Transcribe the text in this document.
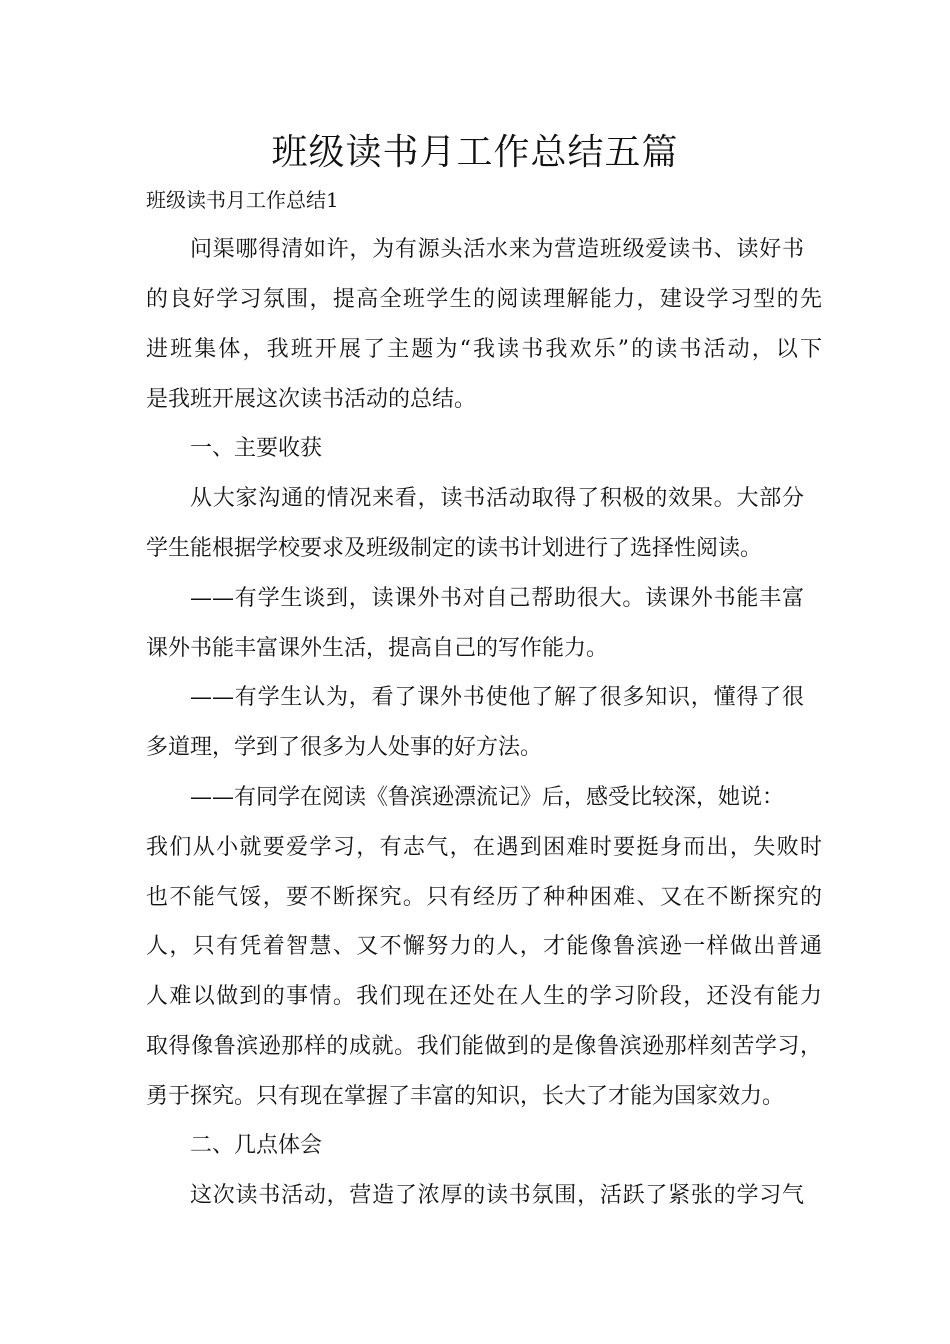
班级读书月工作总结五篇
班级读书月工作总结1

问渠哪得清如许，为有源头活水来为营造班级爱读书、读好书

的良好学习氛围，提高全班学生的阅读理解能力，建设学习型的先

进班集体，我班开展了主题为“我读书我欢乐”的读书活动，以下

是我班开展这次读书活动的总结。

一、主要收获

从大家沟通的情况来看，读书活动取得了积极的效果。大部分

学生能根据学校要求及班级制定的读书计划进行了选择性阅读。

——有学生谈到，读课外书对自己帮助很大。读课外书能丰富

课外书能丰富课外生活，提高自己的写作能力。

——有学生认为，看了课外书使他了解了很多知识，懂得了很

多道理，学到了很多为人处事的好方法。

——有同学在阅读《鲁滨逊漂流记》后，感受比较深，她说：

我们从小就要爱学习，有志气，在遇到困难时要挺身而出，失败时

也不能气馁，要不断探究。只有经历了种种困难、又在不断探究的

人，只有凭着智慧、又不懈努力的人，才能像鲁滨逊一样做出普通

人难以做到的事情。我们现在还处在人生的学习阶段，还没有能力

取得像鲁滨逊那样的成就。我们能做到的是像鲁滨逊那样刻苦学习，

勇于探究。只有现在掌握了丰富的知识，长大了才能为国家效力。

二、几点体会

这次读书活动，营造了浓厚的读书氛围，活跃了紧张的学习气
